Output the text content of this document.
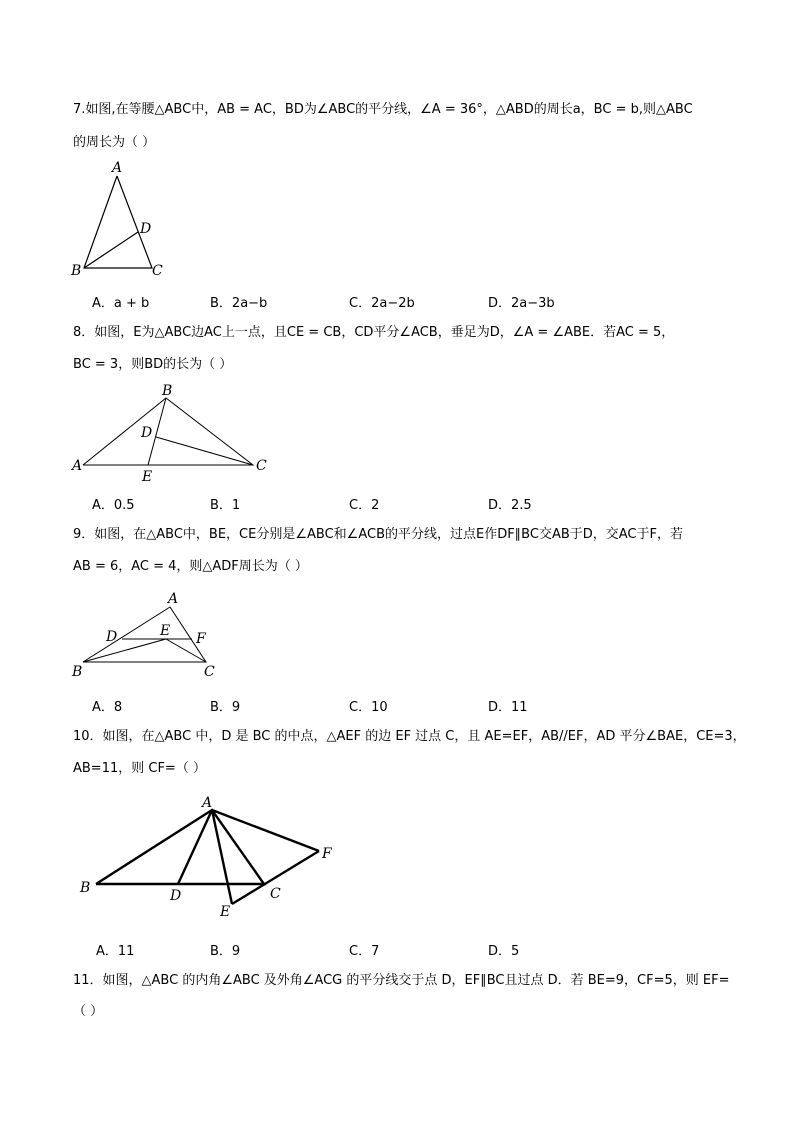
7.如图,在等腰△ABC中，AB = AC，BD为∠ABC的平分线，∠A = 36°，△ABD的周长a，BC = b,则△ABC
的周长为（ ）
A
B	C
D
A．a + b	B．2a−b	C．2a−2b	D．2a−3b
8．如图，E为△ABC边AC上一点，且CE = CB，CD平分∠ACB，垂足为D，∠A = ∠ABE．若AC = 5，
BC = 3，则BD的长为（ ）
B
D
A
E
C
A．0.5	B．1	C．2	D．2.5
9．如图，在△ABC中，BE，CE分别是∠ABC和∠ACB的平分线，过点E作DF∥BC交AB于D，交AC于F，若
AB = 6，AC = 4，则△ADF周长为（ ）
A
D	E F
B	C
A．8	B．9	C．10	D．11
10．如图，在△ABC 中，D 是 BC 的中点，△AEF 的边 EF 过点 C，且 AE=EF，AB//EF，AD 平分∠BAE，CE=3，
AB=11，则 CF=（ ）
A
F
B	D	C
E
A．11	B．9	C．7	D．5
11．如图，△ABC 的内角∠ABC 及外角∠ACG 的平分线交于点 D，EF∥BC且过点 D．若 BE=9，CF=5，则 EF=
（ ）
